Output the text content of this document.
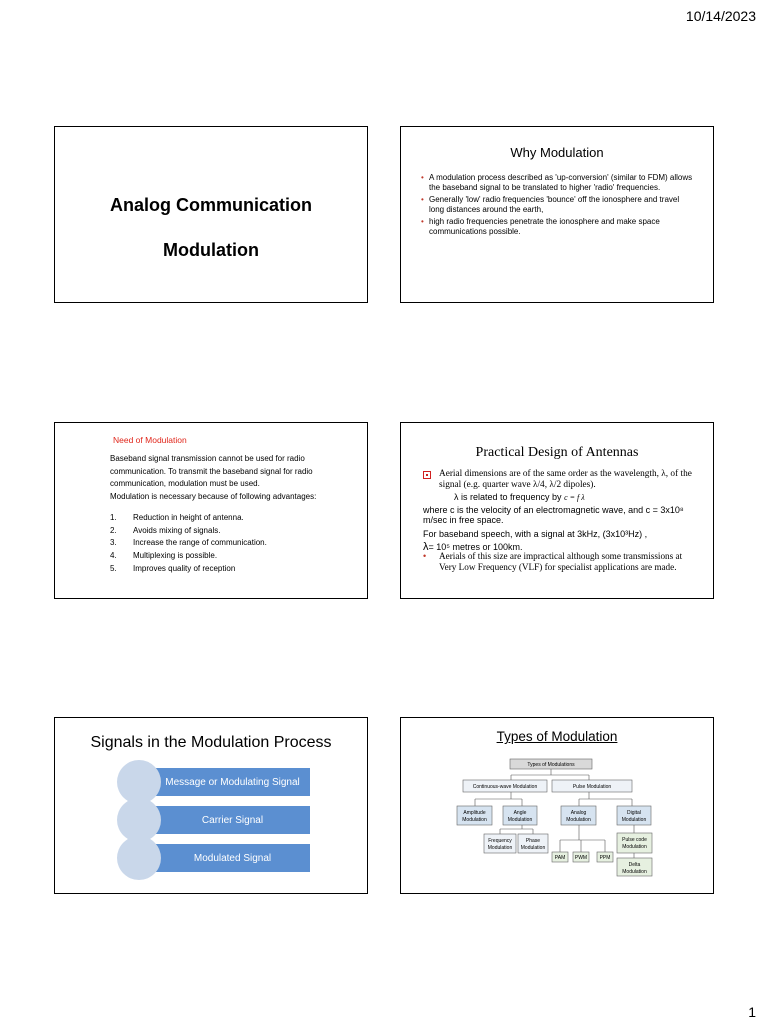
10/14/2023
Analog Communication
Modulation
Why Modulation
• A modulation process described as 'up-conversion' (similar to FDM) allows the baseband signal to be translated to higher 'radio' frequencies.
• Generally 'low' radio frequencies 'bounce' off the ionosphere and travel long distances around the earth,
• high radio frequencies penetrate the ionosphere and make space communications possible.
Need of Modulation
Baseband signal transmission cannot be used for radio communication. To transmit the baseband signal for radio communication, modulation must be used.
Modulation is necessary because of following advantages:
1.	Reduction in height of antenna.
2.	Avoids mixing of signals.
3.	Increase the range of communication.
4.	Multiplexing is possible.
5.	Improves quality of reception
Practical Design of Antennas
Aerial dimensions are of the same order as the wavelength, λ, of the signal (e.g. quarter wave λ/4, λ/2 dipoles).
λ is related to frequency by c = f λ
where c is the velocity of an electromagnetic wave, and c = 3x10⁸ m/sec in free space.
For baseband speech, with a signal at 3kHz, (3x10³Hz) ,
λ= 10⁵ metres or 100km.
• Aerials of this size are impractical although some transmissions at Very Low Frequency (VLF) for specialist applications are made.
Signals in the Modulation Process
Message or Modulating Signal
Carrier Signal
Modulated Signal
Types of Modulation
Types of Modulations
Continuous-wave Modulation	Pulse Modulation
Amplitude
Modulation
Angle
Modulation
Analog
Modulation
Digital
Modulation
Frequency
Modulation
Phase
Modulation
PAM PWM PPM
Pulse code
Modulation
Delta
Modulation
1
